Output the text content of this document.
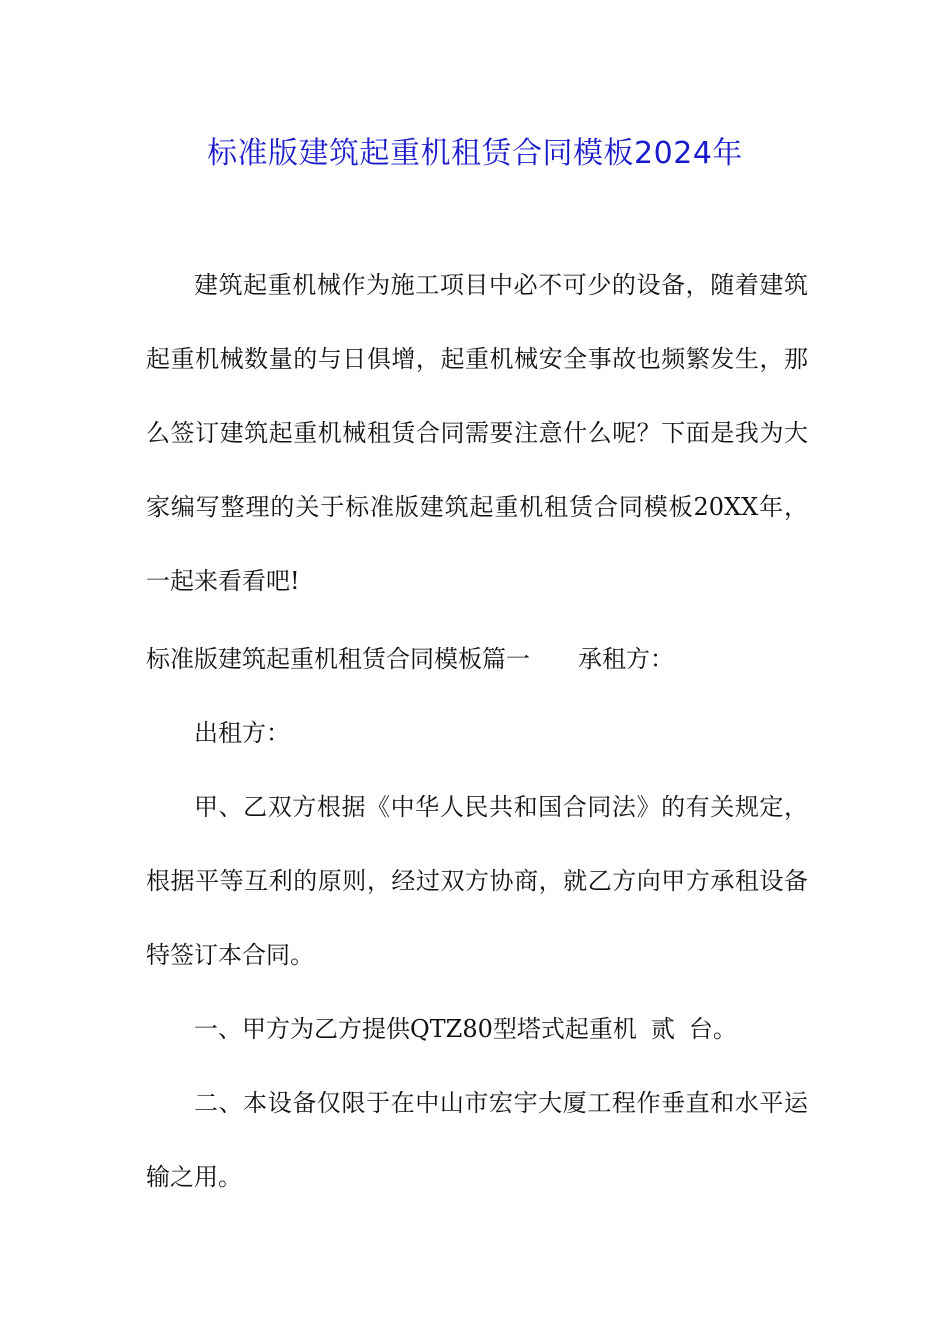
标准版建筑起重机租赁合同模板2024年

建筑起重机械作为施工项目中必不可少的设备，随着建筑起重机械数量的与日俱增，起重机械安全事故也频繁发生，那么签订建筑起重机械租赁合同需要注意什么呢？下面是我为大家编写整理的关于标准版建筑起重机租赁合同模板20XX年，一起来看看吧!

标准版建筑起重机租赁合同模板篇一 承租方：

出租方：

甲、乙双方根据《中华人民共和国合同法》的有关规定，根据平等互利的原则，经过双方协商，就乙方向甲方承租设备特签订本合同。

一、甲方为乙方提供QTZ80型塔式起重机 贰 台。

二、本设备仅限于在中山市宏宇大厦工程作垂直和水平运输之用。
